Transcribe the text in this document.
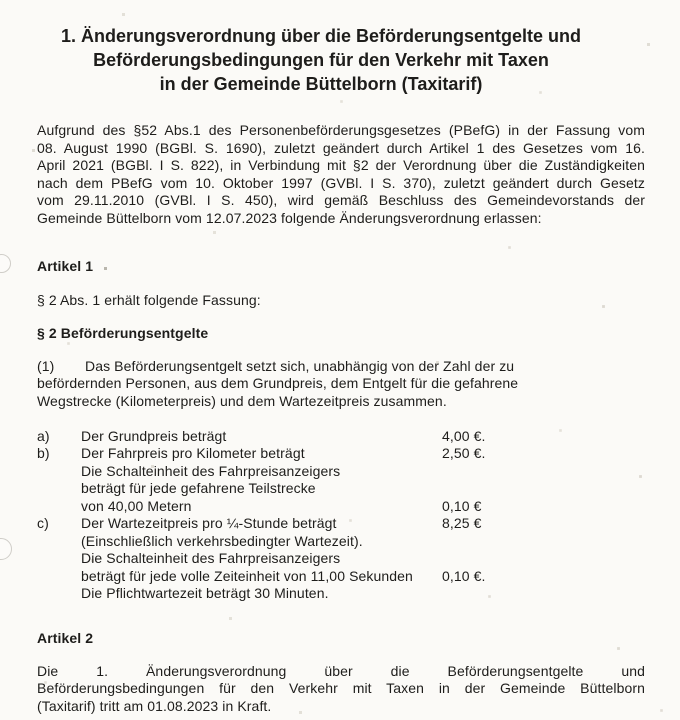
1. Änderungsverordnung über die Beförderungsentgelte und
Beförderungsbedingungen für den Verkehr mit Taxen
in der Gemeinde Büttelborn (Taxitarif)
Aufgrund des §52 Abs.1 des Personenbeförderungsgesetzes (PBefG) in der Fassung vom
08. August 1990 (BGBl. S. 1690), zuletzt geändert durch Artikel 1 des Gesetzes vom 16.
April 2021 (BGBl. I S. 822), in Verbindung mit §2 der Verordnung über die Zuständigkeiten
nach dem PBefG vom 10. Oktober 1997 (GVBl. I S. 370), zuletzt geändert durch Gesetz
vom 29.11.2010 (GVBl. I S. 450), wird gemäß Beschluss des Gemeindevorstands der
Gemeinde Büttelborn vom 12.07.2023 folgende Änderungsverordnung erlassen:
Artikel 1
§ 2 Abs. 1 erhält folgende Fassung:
§ 2 Beförderungsentgelte
(1) Das Beförderungsentgelt setzt sich, unabhängig von der Zahl der zu
befördernden Personen, aus dem Grundpreis, dem Entgelt für die gefahrene
Wegstrecke (Kilometerpreis) und dem Wartezeitpreis zusammen.
a)	Der Grundpreis beträgt	4,00 €.
b)	Der Fahrpreis pro Kilometer beträgt	2,50 €.
Die Schalteinheit des Fahrpreisanzeigers
beträgt für jede gefahrene Teilstrecke
von 40,00 Metern	0,10 €
c)	Der Wartezeitpreis pro ¼-Stunde beträgt	8,25 €
(Einschließlich verkehrsbedingter Wartezeit).
Die Schalteinheit des Fahrpreisanzeigers
beträgt für jede volle Zeiteinheit von 11,00 Sekunden	0,10 €.
Die Pflichtwartezeit beträgt 30 Minuten.
Artikel 2
Die 1. Änderungsverordnung über die Beförderungsentgelte und
Beförderungsbedingungen für den Verkehr mit Taxen in der Gemeinde Büttelborn
(Taxitarif) tritt am 01.08.2023 in Kraft.
